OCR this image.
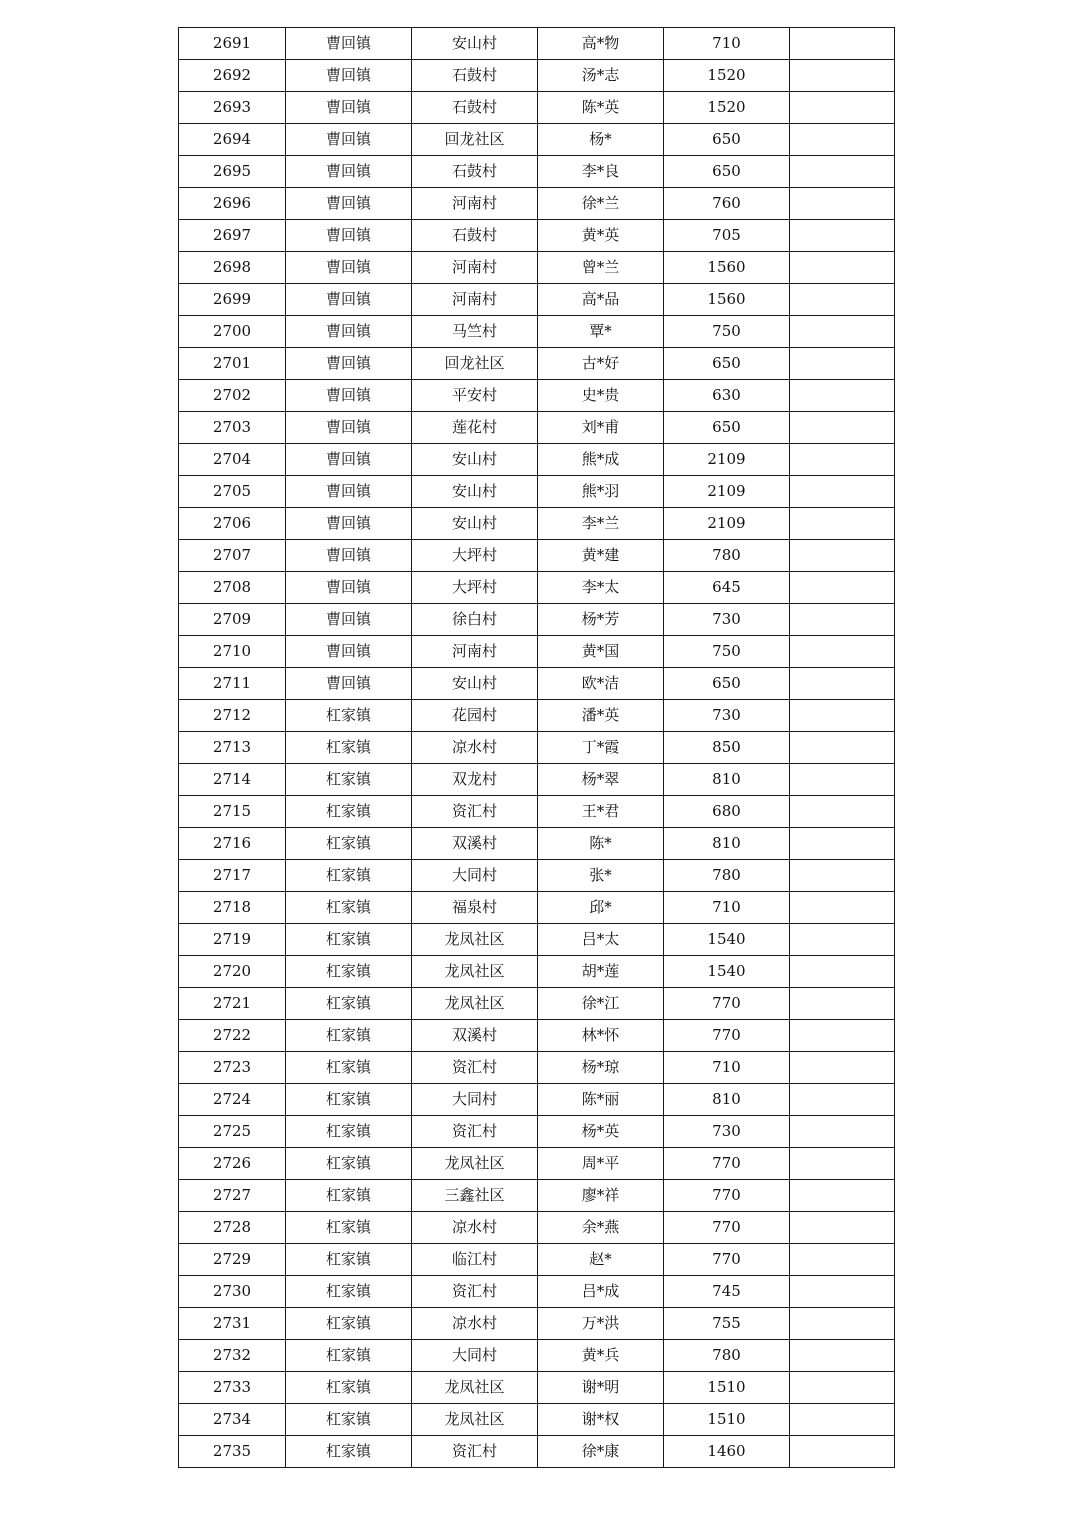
2691	曹回镇	安山村	高*物	710	
2692	曹回镇	石鼓村	汤*志	1520	
2693	曹回镇	石鼓村	陈*英	1520	
2694	曹回镇	回龙社区	杨*	650	
2695	曹回镇	石鼓村	李*良	650	
2696	曹回镇	河南村	徐*兰	760	
2697	曹回镇	石鼓村	黄*英	705	
2698	曹回镇	河南村	曾*兰	1560	
2699	曹回镇	河南村	高*品	1560	
2700	曹回镇	马竺村	覃*	750	
2701	曹回镇	回龙社区	古*好	650	
2702	曹回镇	平安村	史*贵	630	
2703	曹回镇	莲花村	刘*甫	650	
2704	曹回镇	安山村	熊*成	2109	
2705	曹回镇	安山村	熊*羽	2109	
2706	曹回镇	安山村	李*兰	2109	
2707	曹回镇	大坪村	黄*建	780	
2708	曹回镇	大坪村	李*太	645	
2709	曹回镇	徐白村	杨*芳	730	
2710	曹回镇	河南村	黄*国	750	
2711	曹回镇	安山村	欧*洁	650	
2712	杠家镇	花园村	潘*英	730	
2713	杠家镇	凉水村	丁*霞	850	
2714	杠家镇	双龙村	杨*翠	810	
2715	杠家镇	资汇村	王*君	680	
2716	杠家镇	双溪村	陈*	810	
2717	杠家镇	大同村	张*	780	
2718	杠家镇	福泉村	邱*	710	
2719	杠家镇	龙凤社区	吕*太	1540	
2720	杠家镇	龙凤社区	胡*莲	1540	
2721	杠家镇	龙凤社区	徐*江	770	
2722	杠家镇	双溪村	林*怀	770	
2723	杠家镇	资汇村	杨*琼	710	
2724	杠家镇	大同村	陈*丽	810	
2725	杠家镇	资汇村	杨*英	730	
2726	杠家镇	龙凤社区	周*平	770	
2727	杠家镇	三鑫社区	廖*祥	770	
2728	杠家镇	凉水村	余*燕	770	
2729	杠家镇	临江村	赵*	770	
2730	杠家镇	资汇村	吕*成	745	
2731	杠家镇	凉水村	万*洪	755	
2732	杠家镇	大同村	黄*兵	780	
2733	杠家镇	龙凤社区	谢*明	1510	
2734	杠家镇	龙凤社区	谢*权	1510	
2735	杠家镇	资汇村	徐*康	1460	
